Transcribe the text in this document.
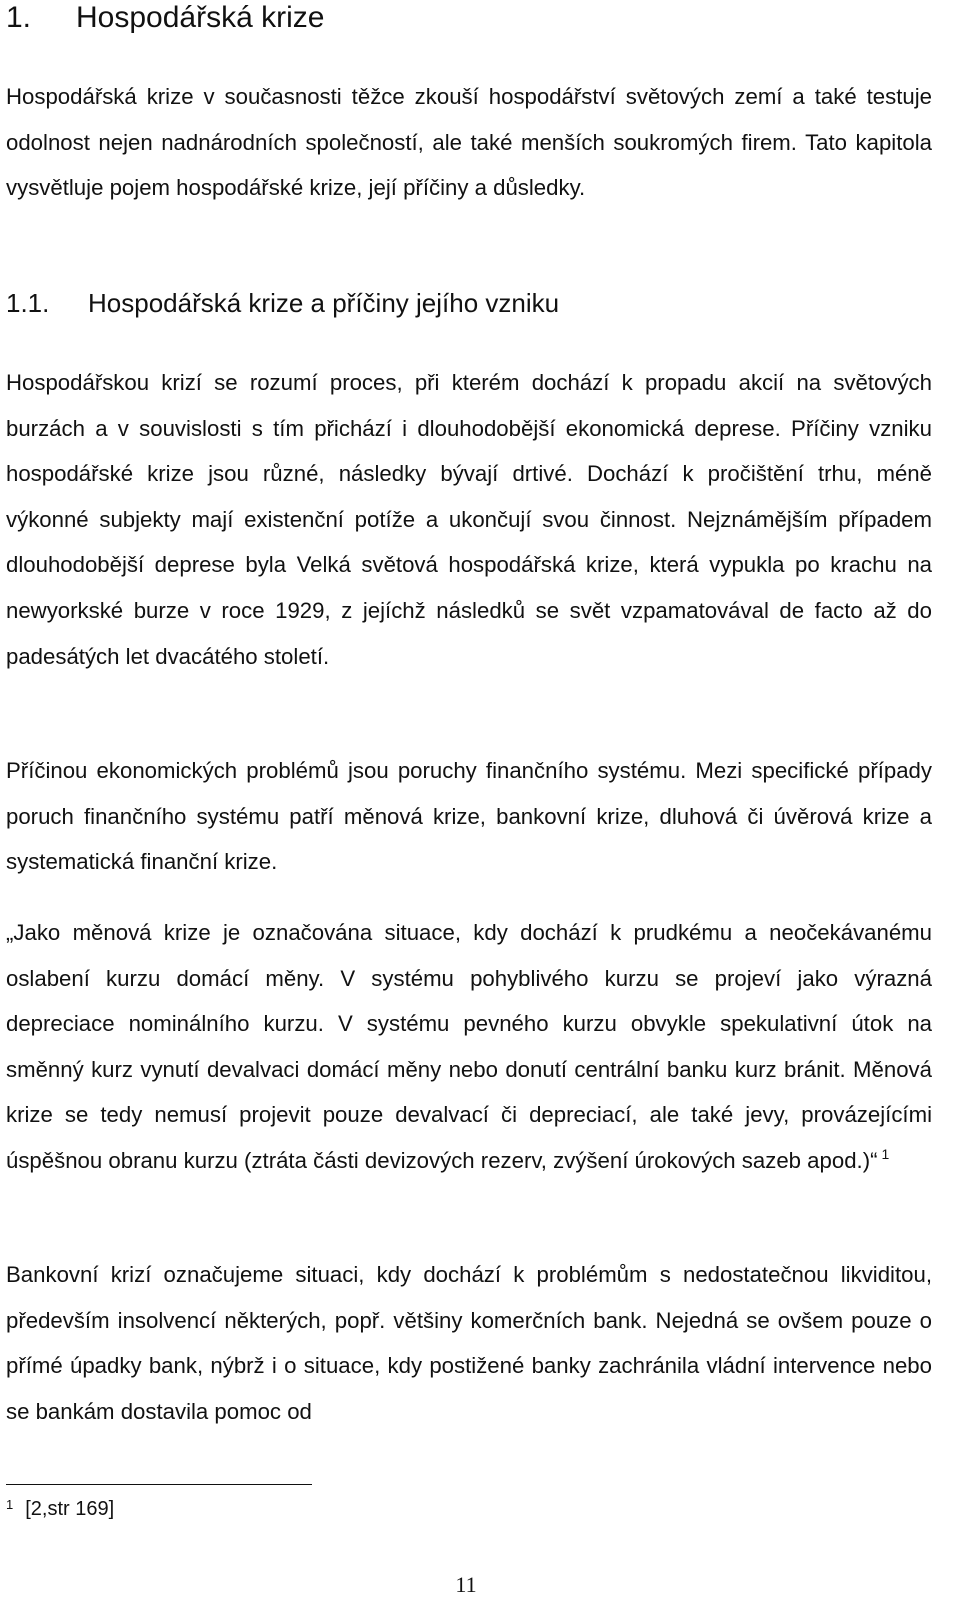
1. Hospodářská krize

Hospodářská krize v současnosti těžce zkouší hospodářství světových zemí a také testuje odolnost nejen nadnárodních společností, ale také menších soukromých firem. Tato kapitola vysvětluje pojem hospodářské krize, její příčiny a důsledky.

1.1. Hospodářská krize a příčiny jejího vzniku

Hospodářskou krizí se rozumí proces, při kterém dochází k propadu akcií na světových burzách a v souvislosti s tím přichází i dlouhodobější ekonomická deprese. Příčiny vzniku hospodářské krize jsou různé, následky bývají drtivé. Dochází k pročištění trhu, méně výkonné subjekty mají existenční potíže a ukončují svou činnost. Nejznámějším případem dlouhodobější deprese byla Velká světová hospodářská krize, která vypukla po krachu na newyorkské burze v roce 1929, z jejíchž následků se svět vzpamatovával de facto až do padesátých let dvacátého století.

Příčinou ekonomických problémů jsou poruchy finančního systému. Mezi specifické případy poruch finančního systému patří měnová krize, bankovní krize, dluhová či úvěrová krize a systematická finanční krize.

„Jako měnová krize je označována situace, kdy dochází k prudkému a neočekávanému oslabení kurzu domácí měny. V systému pohyblivého kurzu se projeví jako výrazná depreciace nominálního kurzu. V systému pevného kurzu obvykle spekulativní útok na směnný kurz vynutí devalvaci domácí měny nebo donutí centrální banku kurz bránit. Měnová krize se tedy nemusí projevit pouze devalvací či depreciací, ale také jevy, provázejícími úspěšnou obranu kurzu (ztráta části devizových rezerv, zvýšení úrokových sazeb apod.)“ $^1$

Bankovní krizí označujeme situaci, kdy dochází k problémům s nedostatečnou likviditou, především insolvencí některých, popř. většiny komerčních bank. Nejedná se ovšem pouze o přímé úpadky bank, nýbrž i o situace, kdy postižené banky zachránila vládní intervence nebo se bankám dostavila pomoc od

$^1$ [2,str 169]

11
